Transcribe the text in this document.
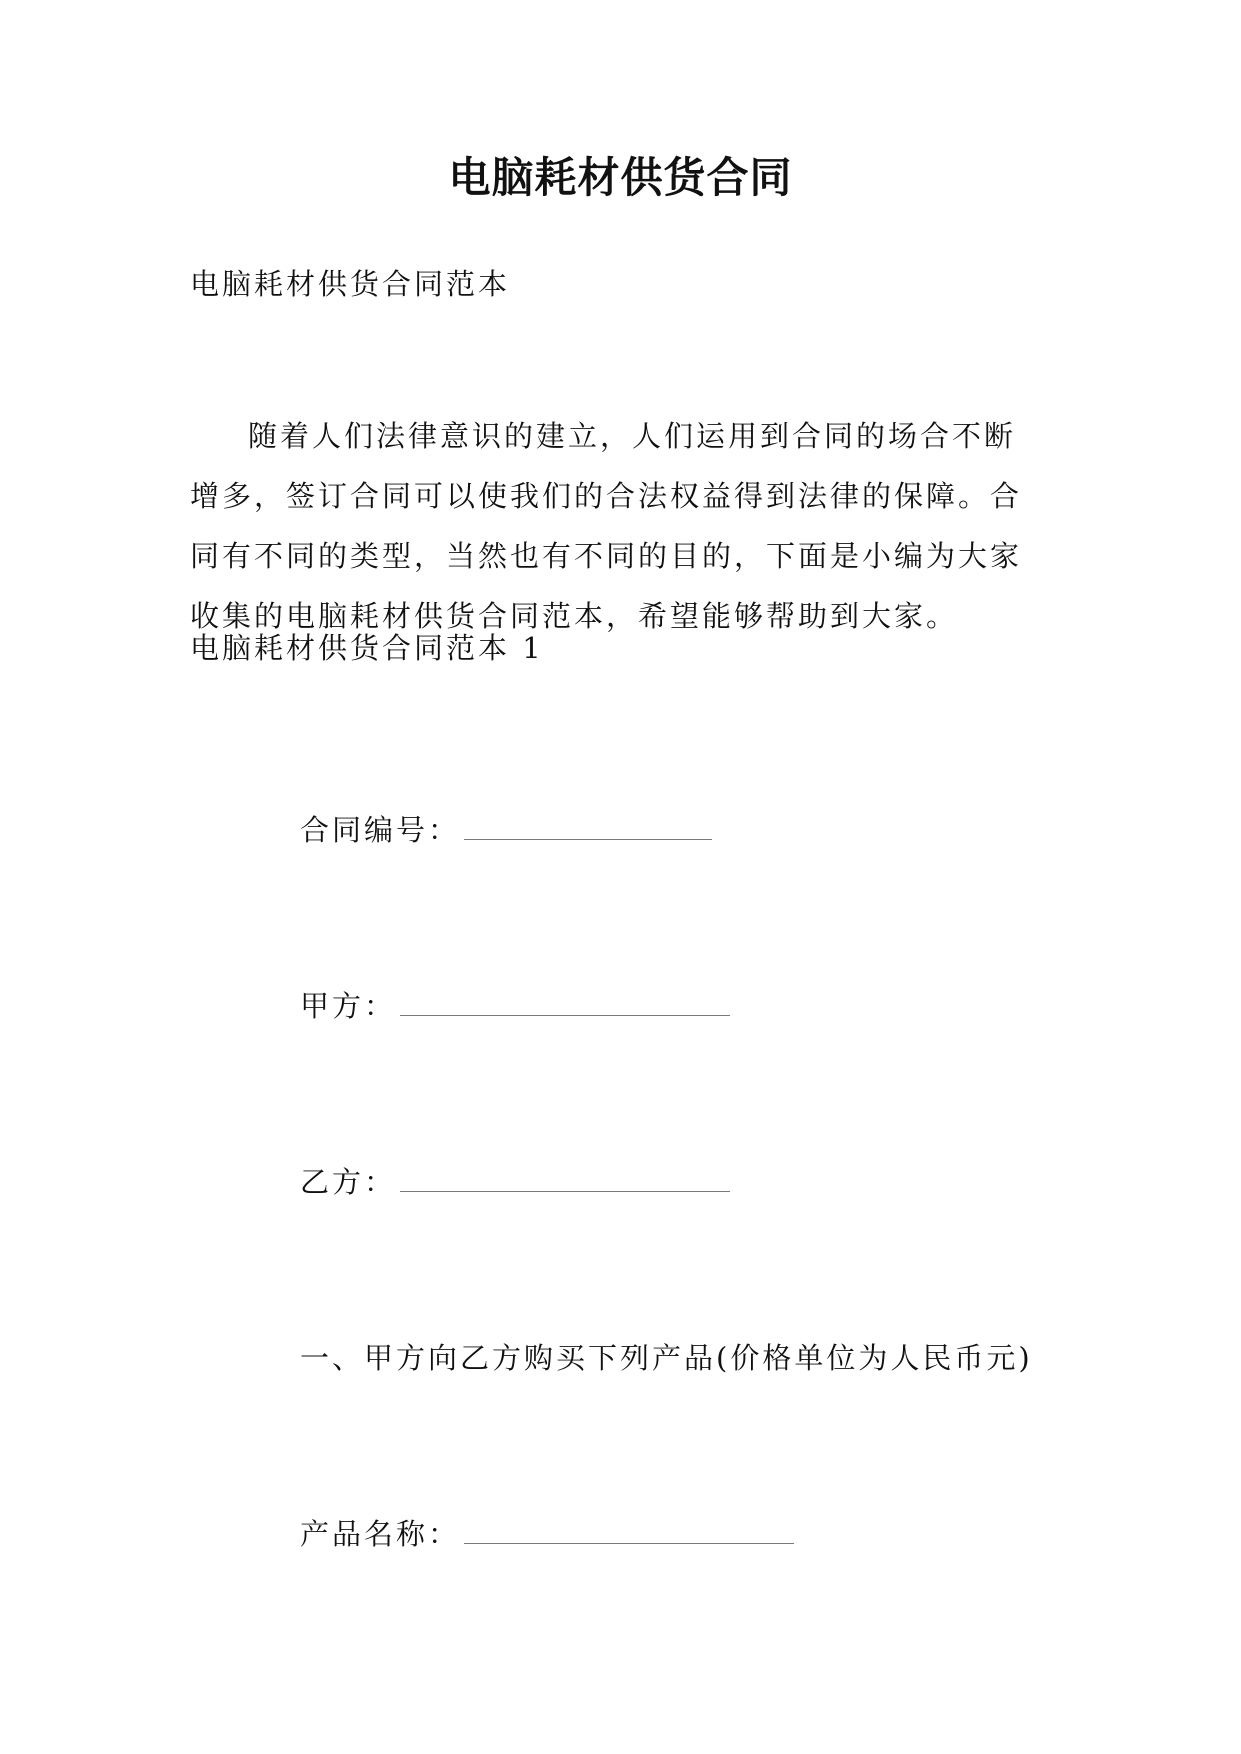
电脑耗材供货合同
电脑耗材供货合同范本
随着人们法律意识的建立，人们运用到合同的场合不断
增多，签订合同可以使我们的合法权益得到法律的保障。合
同有不同的类型，当然也有不同的目的，下面是小编为大家
收集的电脑耗材供货合同范本，希望能够帮助到大家。
电脑耗材供货合同范本 1
合同编号：
甲方：
乙方：
一、甲方向乙方购买下列产品(价格单位为人民币元)
产品名称：
